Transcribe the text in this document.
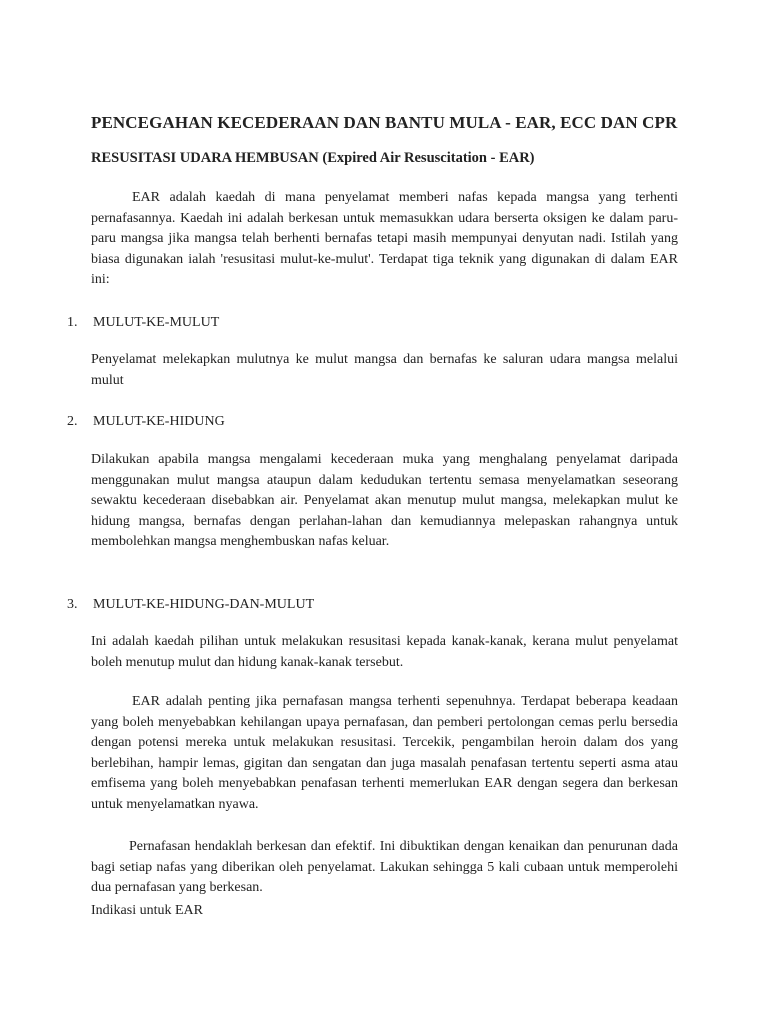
PENCEGAHAN KECEDERAAN DAN BANTU MULA - EAR, ECC DAN CPR
RESUSITASI UDARA HEMBUSAN (Expired Air Resuscitation - EAR)

EAR adalah kaedah di mana penyelamat memberi nafas kepada mangsa yang terhenti pernafasannya. Kaedah ini adalah berkesan untuk memasukkan udara berserta oksigen ke dalam paru-paru mangsa jika mangsa telah berhenti bernafas tetapi masih mempunyai denyutan nadi. Istilah yang biasa digunakan ialah 'resusitasi mulut-ke-mulut'. Terdapat tiga teknik yang digunakan di dalam EAR ini:

1. MULUT-KE-MULUT

Penyelamat melekapkan mulutnya ke mulut mangsa dan bernafas ke saluran udara mangsa melalui mulut

2. MULUT-KE-HIDUNG

Dilakukan apabila mangsa mengalami kecederaan muka yang menghalang penyelamat daripada menggunakan mulut mangsa ataupun dalam kedudukan tertentu semasa menyelamatkan seseorang sewaktu kecederaan disebabkan air. Penyelamat akan menutup mulut mangsa, melekapkan mulut ke hidung mangsa, bernafas dengan perlahan-lahan dan kemudiannya melepaskan rahangnya untuk membolehkan mangsa menghembuskan nafas keluar.

3. MULUT-KE-HIDUNG-DAN-MULUT

Ini adalah kaedah pilihan untuk melakukan resusitasi kepada kanak-kanak, kerana mulut penyelamat boleh menutup mulut dan hidung kanak-kanak tersebut.

EAR adalah penting jika pernafasan mangsa terhenti sepenuhnya. Terdapat beberapa keadaan yang boleh menyebabkan kehilangan upaya pernafasan, dan pemberi pertolongan cemas perlu bersedia dengan potensi mereka untuk melakukan resusitasi. Tercekik, pengambilan heroin dalam dos yang berlebihan, hampir lemas, gigitan dan sengatan dan juga masalah penafasan tertentu seperti asma atau emfisema yang boleh menyebabkan penafasan terhenti memerlukan EAR dengan segera dan berkesan untuk menyelamatkan nyawa.

Pernafasan hendaklah berkesan dan efektif. Ini dibuktikan dengan kenaikan dan penurunan dada bagi setiap nafas yang diberikan oleh penyelamat. Lakukan sehingga 5 kali cubaan untuk memperolehi dua pernafasan yang berkesan.

Indikasi untuk EAR
